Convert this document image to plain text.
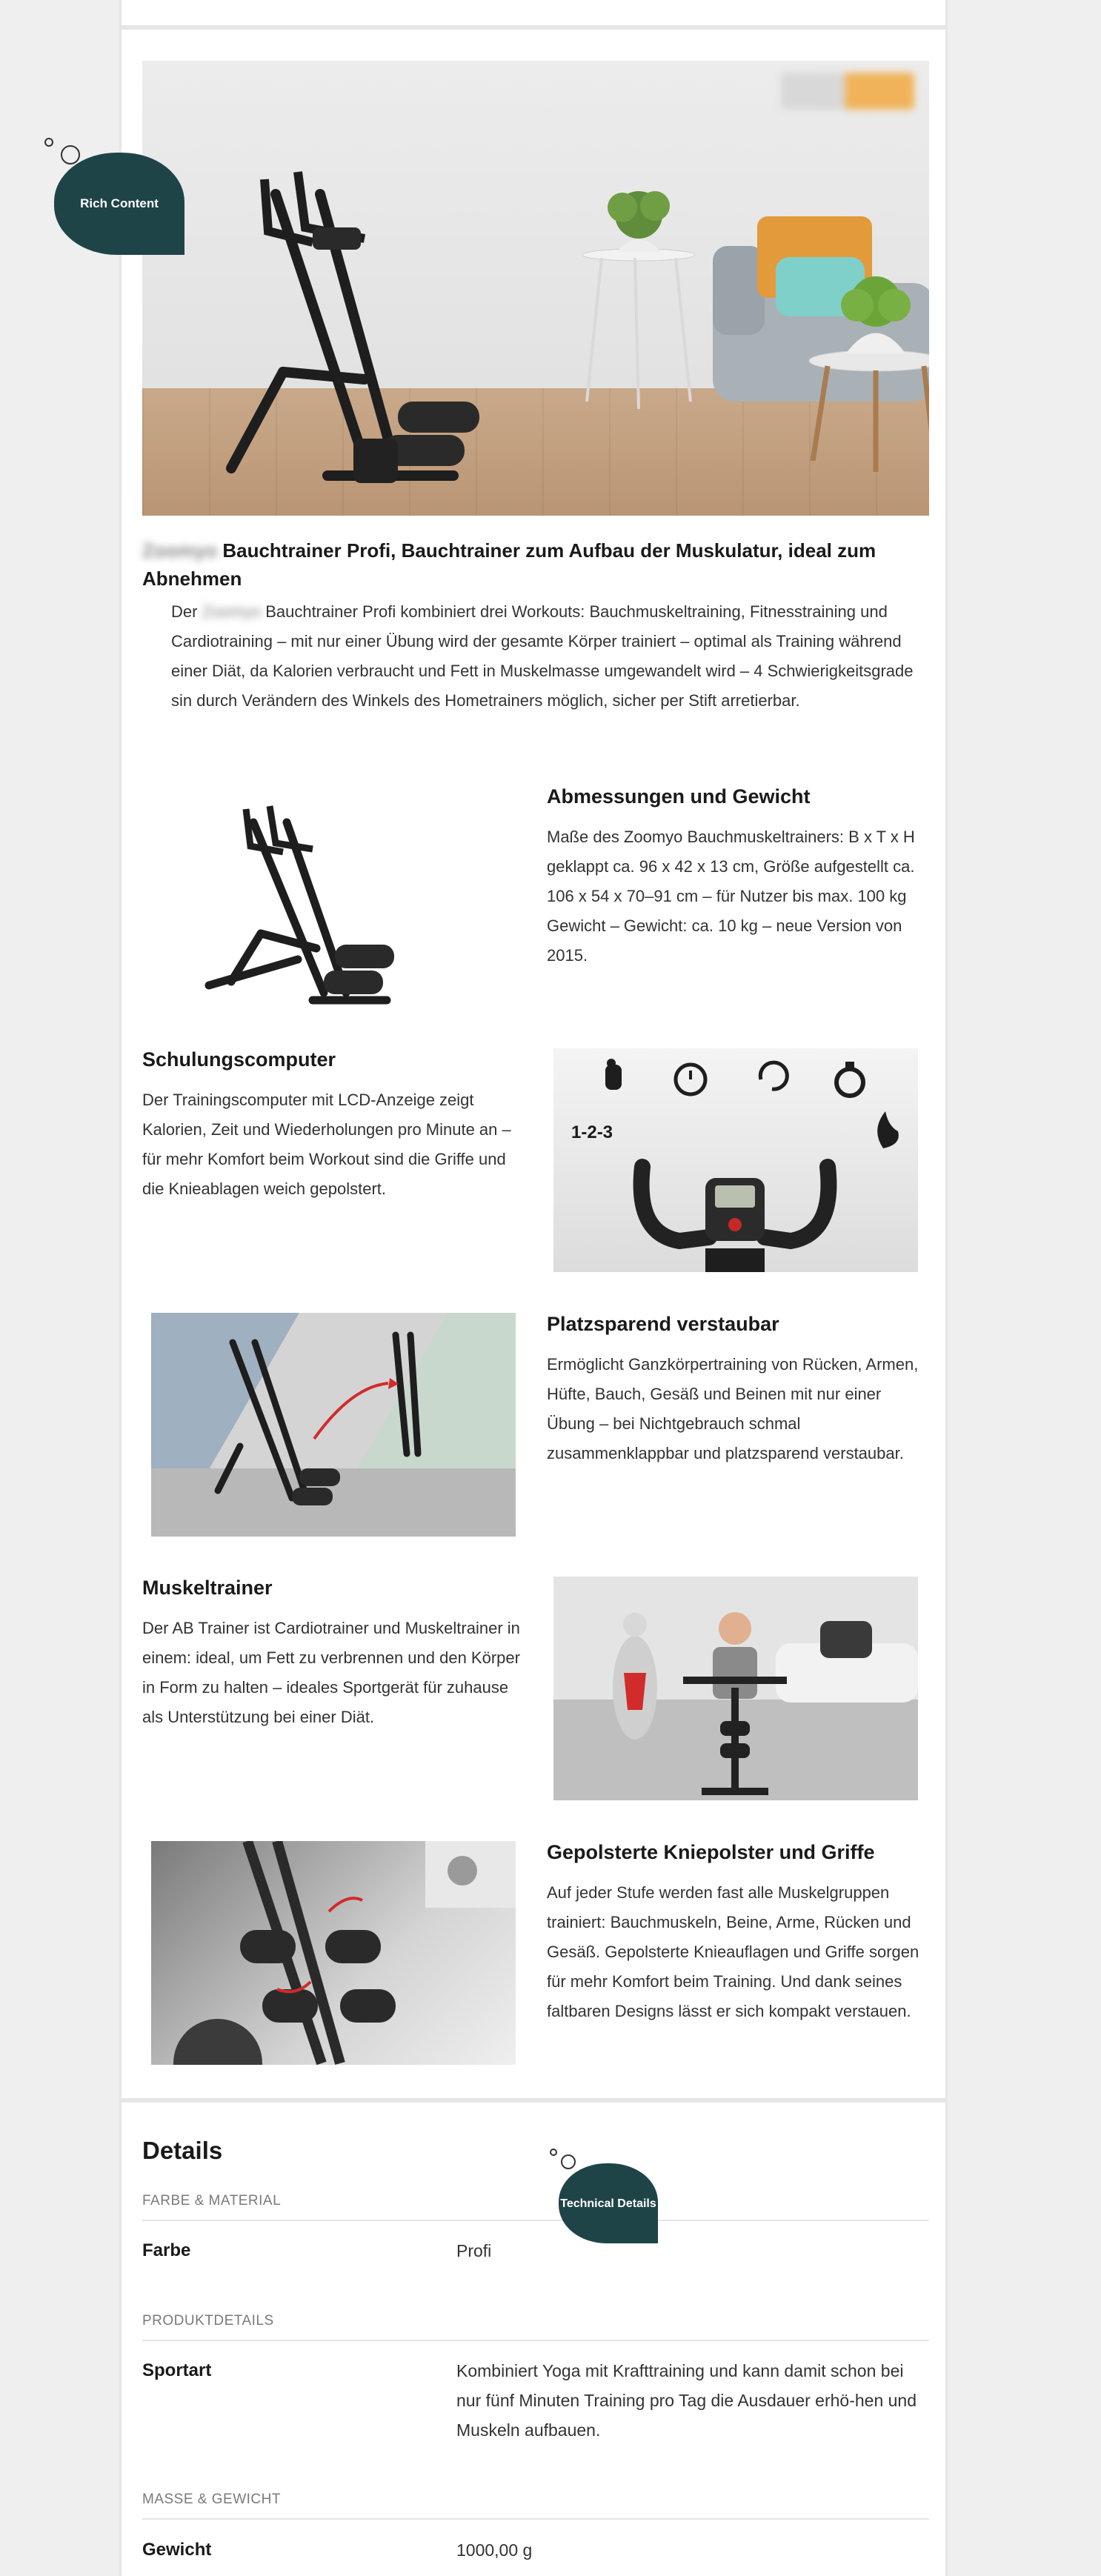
Zoomyo Bauchtrainer Profi, Bauchtrainer zum Aufbau der Muskulatur, ideal zum Abnehmen
Der Zoomyo Bauchtrainer Profi kombiniert drei Workouts: Bauchmuskeltraining, Fitnesstraining und Cardiotraining – mit nur einer Übung wird der gesamte Körper trainiert – optimal als Training während einer Diät, da Kalorien verbraucht und Fett in Muskelmasse umgewandelt wird – 4 Schwierigkeitsgrade sin durch Verändern des Winkels des Hometrainers möglich, sicher per Stift arretierbar.
Abmessungen und Gewicht
Maße des Zoomyo Bauchmuskeltrainers: B x T x H geklappt ca. 96 x 42 x 13 cm, Größe aufgestellt ca. 106 x 54 x 70–91 cm – für Nutzer bis max. 100 kg Gewicht – Gewicht: ca. 10 kg – neue Version von 2015.
Schulungscomputer
Der Trainingscomputer mit LCD-Anzeige zeigt Kalorien, Zeit und Wiederholungen pro Minute an – für mehr Komfort beim Workout sind die Griffe und die Knieablagen weich gepolstert.
1-2-3
Platzsparend verstaubar
Ermöglicht Ganzkörpertraining von Rücken, Armen, Hüfte, Bauch, Gesäß und Beinen mit nur einer Übung – bei Nichtgebrauch schmal zusammenklappbar und platzsparend verstaubar.
Muskeltrainer
Der AB Trainer ist Cardiotrainer und Muskeltrainer in einem: ideal, um Fett zu verbrennen und den Körper in Form zu halten – ideales Sportgerät für zuhause als Unterstützung bei einer Diät.
Gepolsterte Kniepolster und Griffe
Auf jeder Stufe werden fast alle Muskelgruppen trainiert: Bauchmuskeln, Beine, Arme, Rücken und Gesäß. Gepolsterte Knieauflagen und Griffe sorgen für mehr Komfort beim Training. Und dank seines faltbaren Designs lässt er sich kompakt verstauen.
Rich Content
Details
FARBE & MATERIAL
Farbe	Profi
PRODUKTDETAILS
Sportart	Kombiniert Yoga mit Krafttraining und kann damit schon bei nur fünf Minuten Training pro Tag die Ausdauer erhö-hen und Muskeln aufbauen.
MASSE & GEWICHT
Gewicht	1000,00 g
Technical Details
